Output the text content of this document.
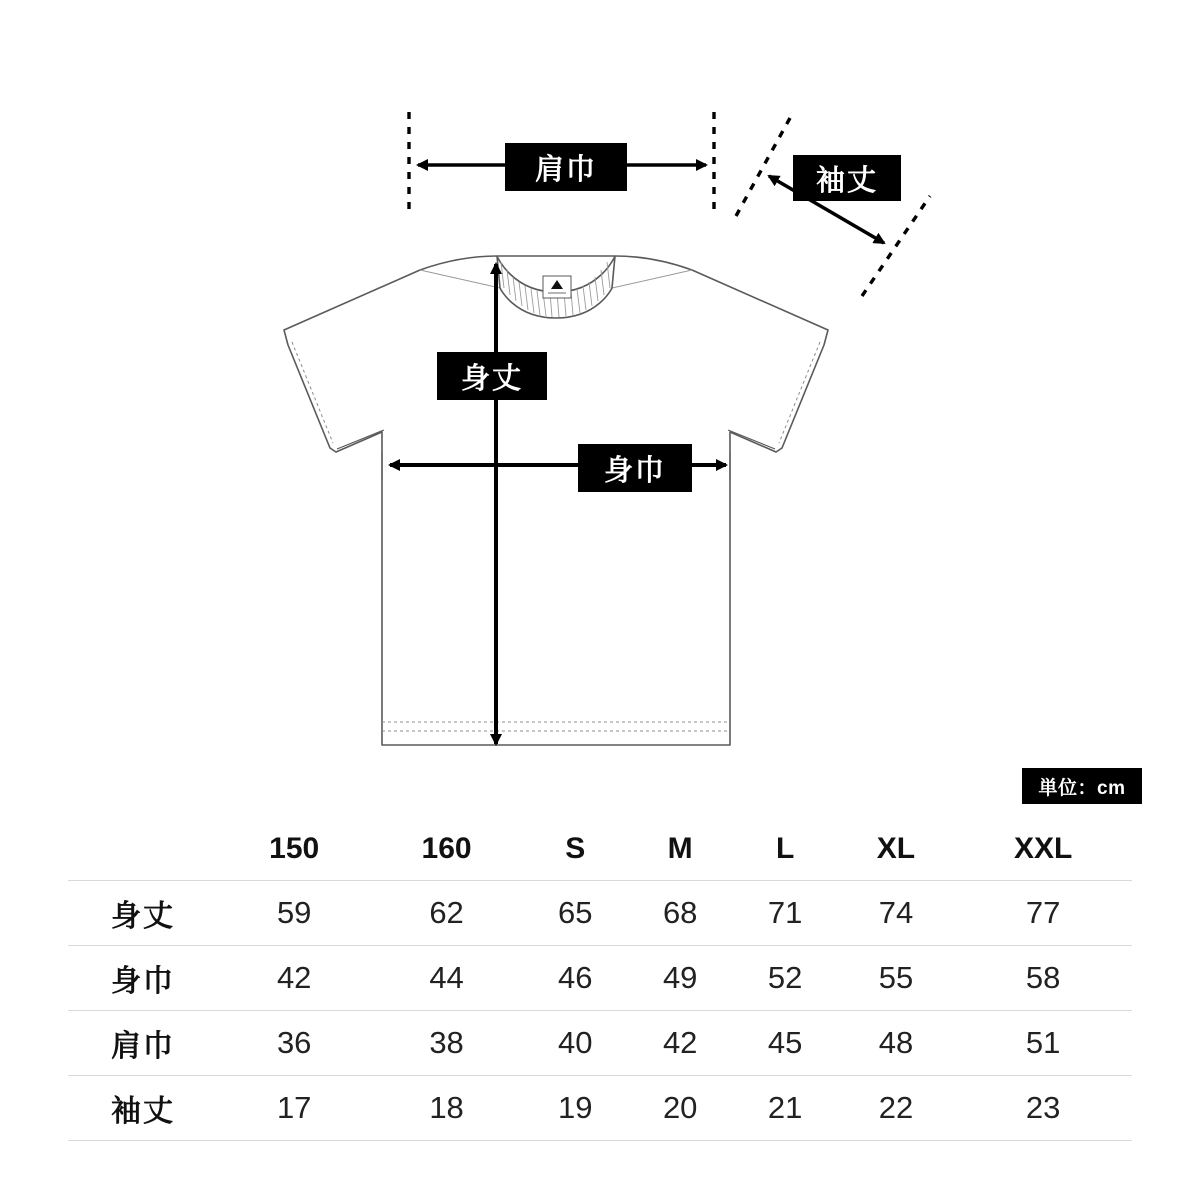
肩巾	袖丈
身丈
身巾
単位：cm
	150	160	S	M	L	XL	XXL
身丈	59	62	65	68	71	74	77
身巾	42	44	46	49	52	55	58
肩巾	36	38	40	42	45	48	51
袖丈	17	18	19	20	21	22	23
